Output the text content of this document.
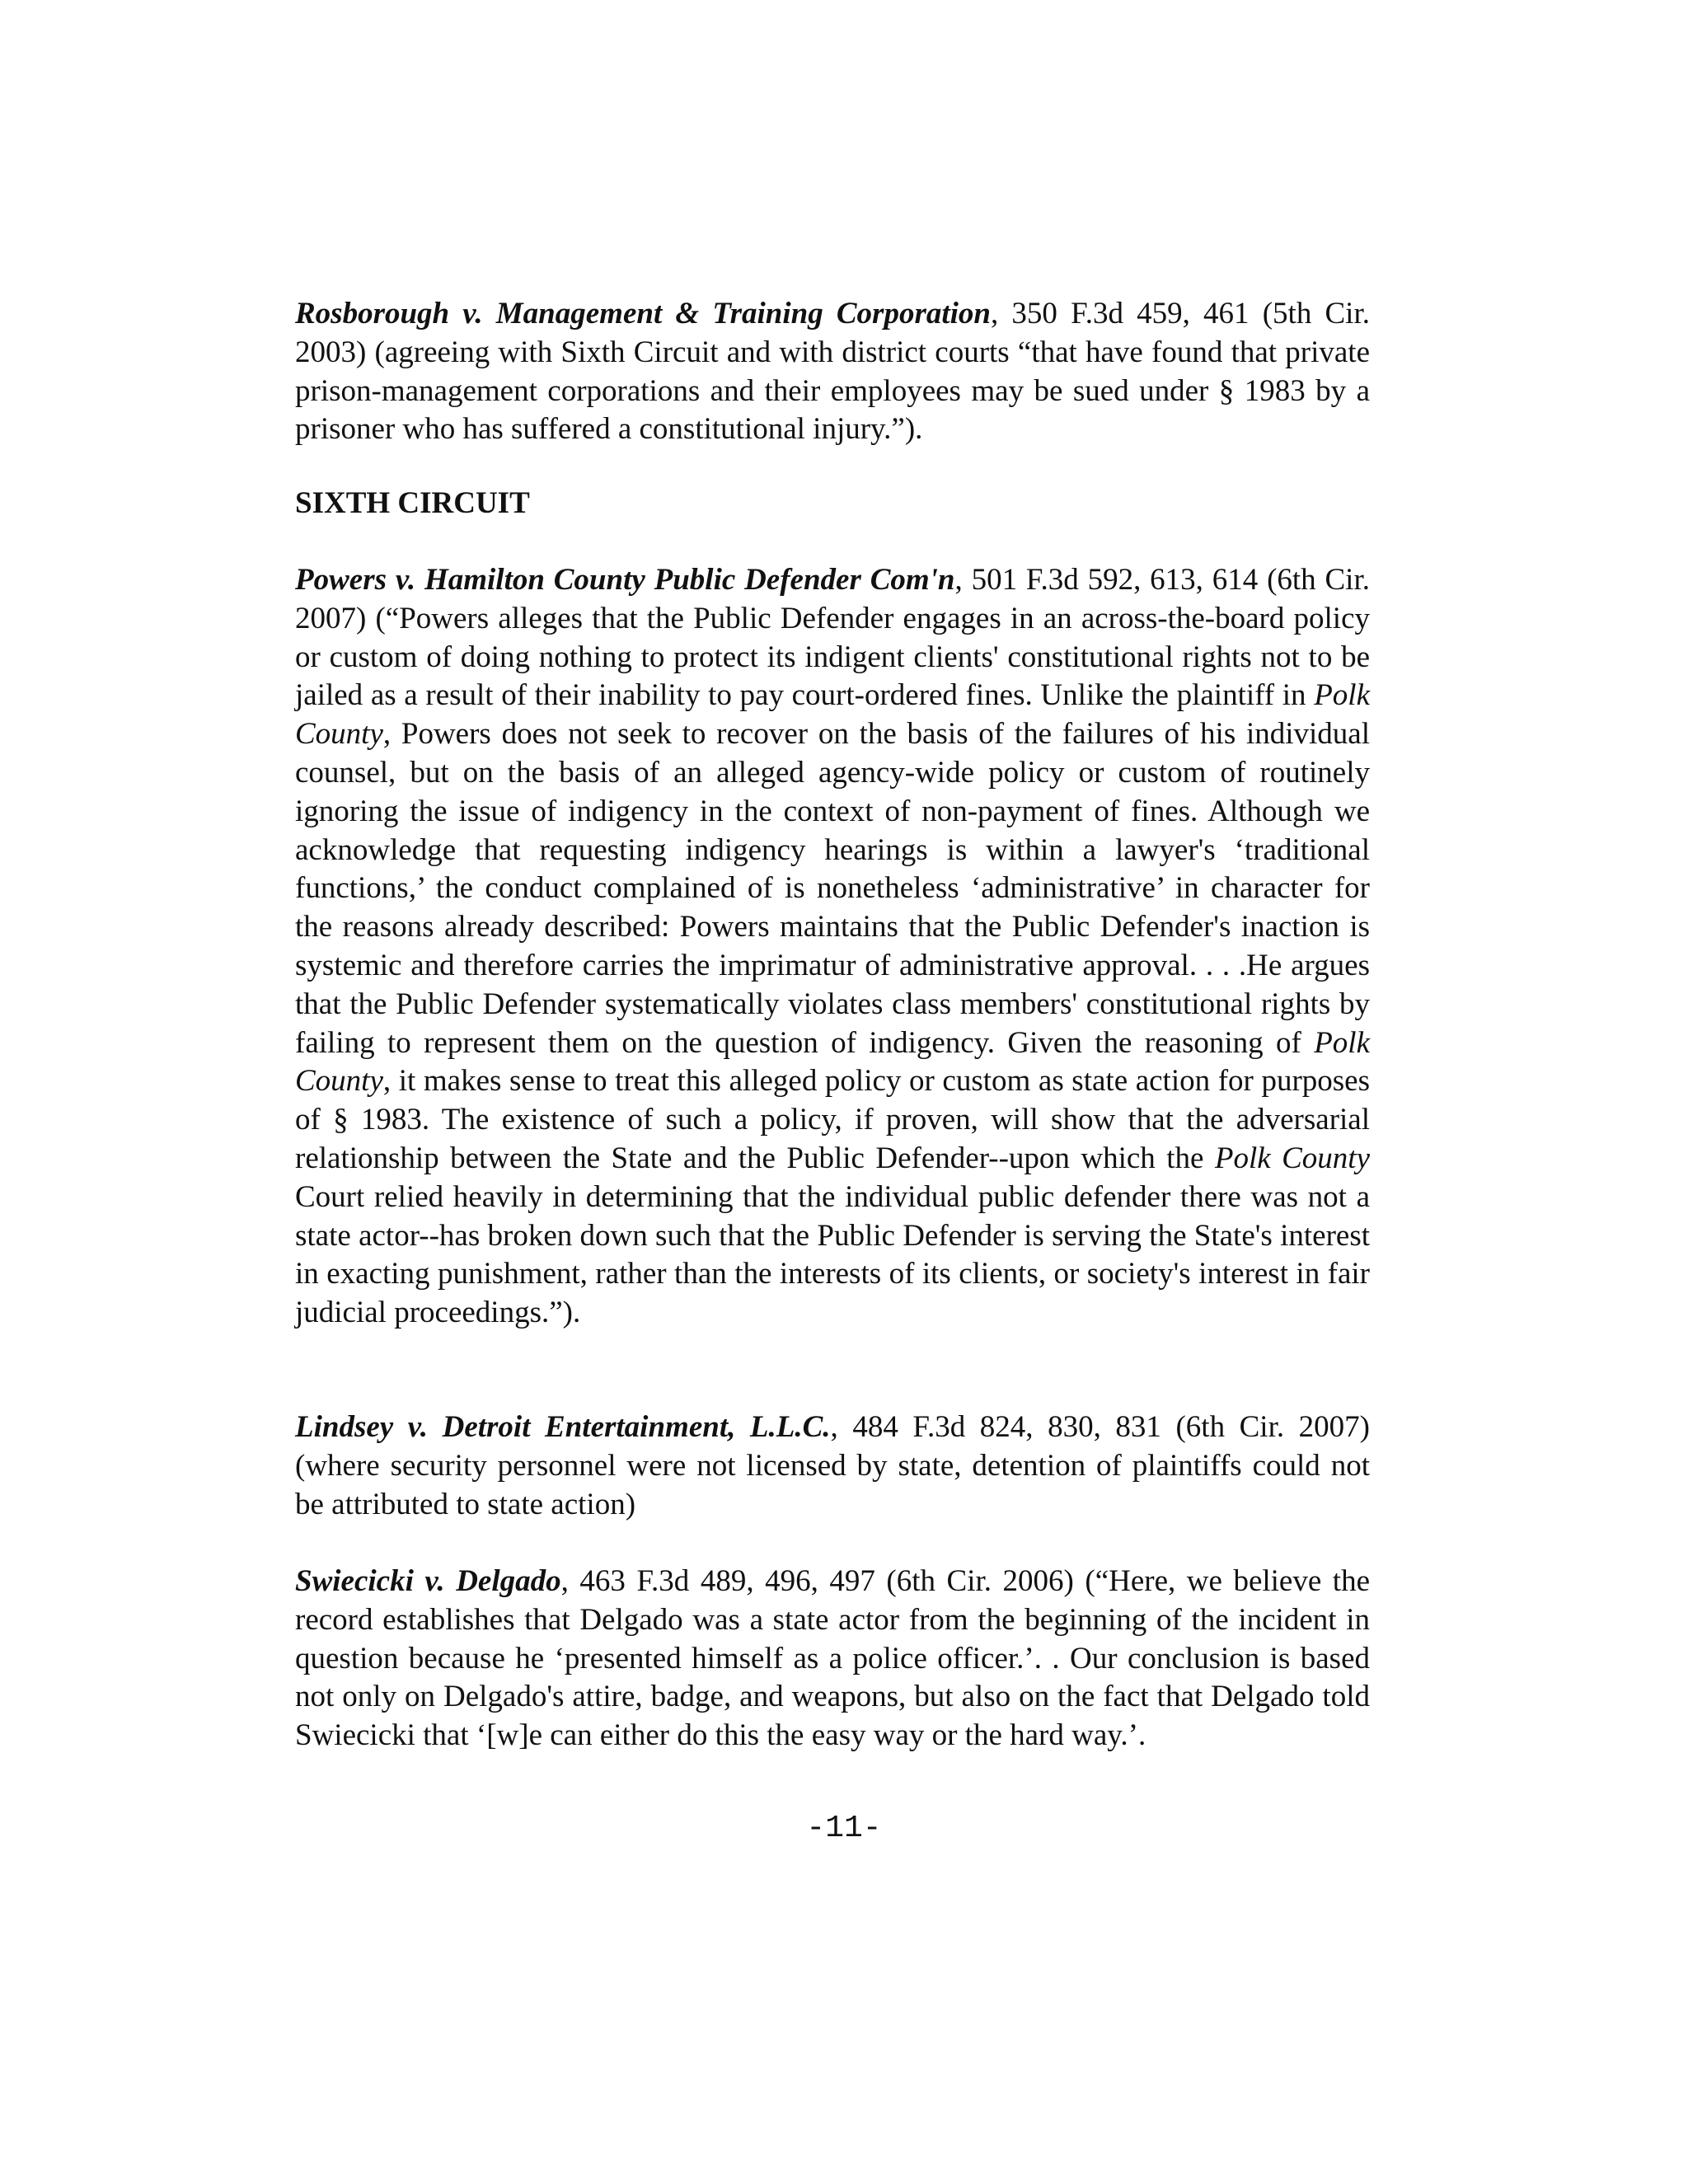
Rosborough v. Management & Training Corporation, 350 F.3d 459, 461 (5th Cir. 2003) (agreeing with Sixth Circuit and with district courts “that have found that private prison-management corporations and their employees may be sued under § 1983 by a prisoner who has suffered a constitutional injury.”).

SIXTH CIRCUIT

Powers v. Hamilton County Public Defender Com'n, 501 F.3d 592, 613, 614 (6th Cir. 2007) (“Powers alleges that the Public Defender engages in an across-the-board policy or custom of doing nothing to protect its indigent clients' constitutional rights not to be jailed as a result of their inability to pay court-ordered fines. Unlike the plaintiff in Polk County, Powers does not seek to recover on the basis of the failures of his individual counsel, but on the basis of an alleged agency-wide policy or custom of routinely ignoring the issue of indigency in the context of non-payment of fines. Although we acknowledge that requesting indigency hearings is within a lawyer's ‘traditional functions,’ the conduct complained of is nonetheless ‘administrative’ in character for the reasons already described: Powers maintains that the Public Defender's inaction is systemic and therefore carries the imprimatur of administrative approval. . . .He argues that the Public Defender systematically violates class members' constitutional rights by failing to represent them on the question of indigency. Given the reasoning of Polk County, it makes sense to treat this alleged policy or custom as state action for purposes of § 1983. The existence of such a policy, if proven, will show that the adversarial relationship between the State and the Public Defender--upon which the Polk County Court relied heavily in determining that the individual public defender there was not a state actor--has broken down such that the Public Defender is serving the State's interest in exacting punishment, rather than the interests of its clients, or society's interest in fair judicial proceedings.”).

Lindsey v. Detroit Entertainment, L.L.C., 484 F.3d 824, 830, 831 (6th Cir. 2007) (where security personnel were not licensed by state, detention of plaintiffs could not be attributed to state action)

Swiecicki v. Delgado, 463 F.3d 489, 496, 497 (6th Cir. 2006) (“Here, we believe the record establishes that Delgado was a state actor from the beginning of the incident in question because he ‘presented himself as a police officer.’. . Our conclusion is based not only on Delgado's attire, badge, and weapons, but also on the fact that Delgado told Swiecicki that ‘[w]e can either do this the easy way or the hard way.’.

-11-
